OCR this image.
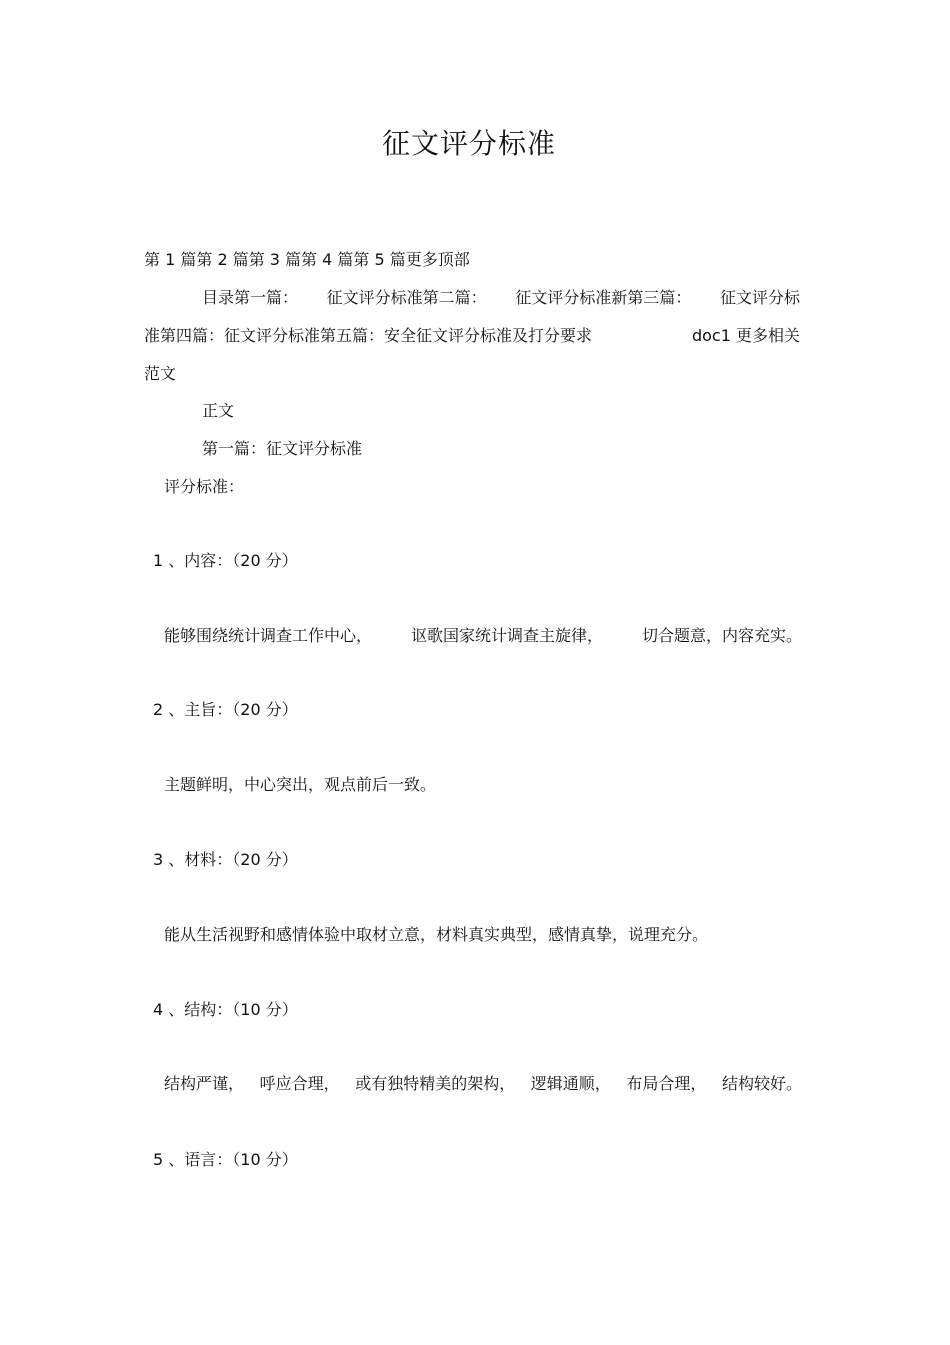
征文评分标准
第 1 篇第 2 篇第 3 篇第 4 篇第 5 篇更多顶部
目录第一篇： 征文评分标准第二篇： 征文评分标准新第三篇： 征文评分标
准第四篇：征文评分标准第五篇：安全征文评分标准及打分要求	doc1 更多相关
范文
正文
第一篇：征文评分标准
评分标准：
1 、内容：（20 分）
能够围绕统计调查工作中心， 讴歌国家统计调查主旋律， 切合题意，内容充实。
2 、主旨：（20 分）
主题鲜明，中心突出，观点前后一致。
3 、材料：（20 分）
能从生活视野和感情体验中取材立意，材料真实典型，感情真挚，说理充分。
4 、结构：（10 分）
结构严谨， 呼应合理， 或有独特精美的架构， 逻辑通顺， 布局合理， 结构较好。
5 、语言：（10 分）
